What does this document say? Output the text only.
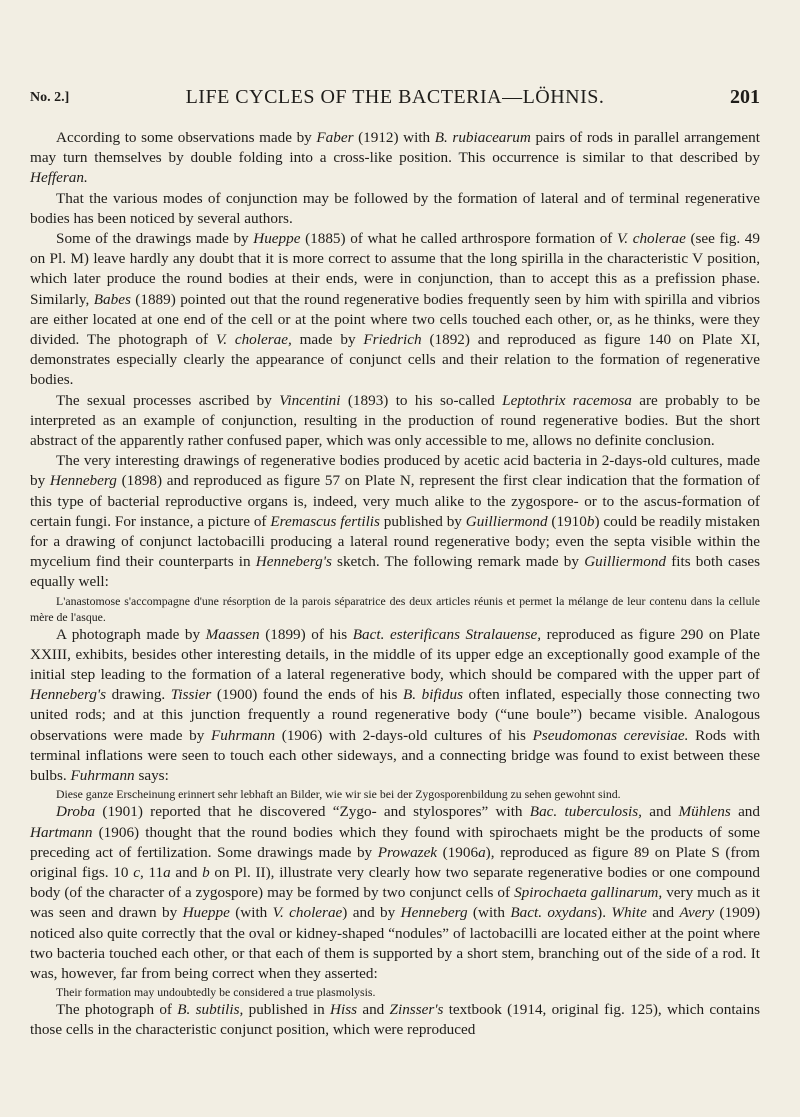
No. 2.]	LIFE CYCLES OF THE BACTERIA—LÖHNIS.	201

According to some observations made by Faber (1912) with B. rubiacearum pairs of rods in parallel arrangement may turn themselves by double folding into a cross-like position. This occurrence is similar to that described by Hefferan.

That the various modes of conjunction may be followed by the formation of lateral and of terminal regenerative bodies has been noticed by several authors.

Some of the drawings made by Hueppe (1885) of what he called arthrospore formation of V. cholerae (see fig. 49 on Pl. M) leave hardly any doubt that it is more correct to assume that the long spirilla in the characteristic V position, which later produce the round bodies at their ends, were in conjunction, than to accept this as a prefission phase. Similarly, Babes (1889) pointed out that the round regenerative bodies frequently seen by him with spirilla and vibrios are either located at one end of the cell or at the point where two cells touched each other, or, as he thinks, were they divided. The photograph of V. cholerae, made by Friedrich (1892) and reproduced as figure 140 on Plate XI, demonstrates especially clearly the appearance of conjunct cells and their relation to the formation of regenerative bodies.

The sexual processes ascribed by Vincentini (1893) to his so-called Leptothrix racemosa are probably to be interpreted as an example of conjunction, resulting in the production of round regenerative bodies. But the short abstract of the apparently rather confused paper, which was only accessible to me, allows no definite conclusion.

The very interesting drawings of regenerative bodies produced by acetic acid bacteria in 2-days-old cultures, made by Henneberg (1898) and reproduced as figure 57 on Plate N, represent the first clear indication that the formation of this type of bacterial reproductive organs is, indeed, very much alike to the zygospore- or to the ascus-formation of certain fungi. For instance, a picture of Eremascus fertilis published by Guilliermond (1910b) could be readily mistaken for a drawing of conjunct lactobacilli producing a lateral round regenerative body; even the septa visible within the mycelium find their counterparts in Henneberg's sketch. The following remark made by Guilliermond fits both cases equally well:

L'anastomose s'accompagne d'une résorption de la parois séparatrice des deux articles réunis et permet la mélange de leur contenu dans la cellule mère de l'asque.

A photograph made by Maassen (1899) of his Bact. esterificans Stralauense, reproduced as figure 290 on Plate XXIII, exhibits, besides other interesting details, in the middle of its upper edge an exceptionally good example of the initial step leading to the formation of a lateral regenerative body, which should be compared with the upper part of Henneberg's drawing. Tissier (1900) found the ends of his B. bifidus often inflated, especially those connecting two united rods; and at this junction frequently a round regenerative body (“une boule”) became visible. Analogous observations were made by Fuhrmann (1906) with 2-days-old cultures of his Pseudomonas cerevisiae. Rods with terminal inflations were seen to touch each other sideways, and a connecting bridge was found to exist between these bulbs. Fuhrmann says:

Diese ganze Erscheinung erinnert sehr lebhaft an Bilder, wie wir sie bei der Zygosporenbildung zu sehen gewohnt sind.

Droba (1901) reported that he discovered “Zygo- and stylospores” with Bac. tuberculosis, and Mühlens and Hartmann (1906) thought that the round bodies which they found with spirochaets might be the products of some preceding act of fertilization. Some drawings made by Prowazek (1906a), reproduced as figure 89 on Plate S (from original figs. 10 c, 11a and b on Pl. II), illustrate very clearly how two separate regenerative bodies or one compound body (of the character of a zygospore) may be formed by two conjunct cells of Spirochaeta gallinarum, very much as it was seen and drawn by Hueppe (with V. cholerae) and by Henneberg (with Bact. oxydans). White and Avery (1909) noticed also quite correctly that the oval or kidney-shaped “nodules” of lactobacilli are located either at the point where two bacteria touched each other, or that each of them is supported by a short stem, branching out of the side of a rod. It was, however, far from being correct when they asserted:

Their formation may undoubtedly be considered a true plasmolysis.

The photograph of B. subtilis, published in Hiss and Zinsser's textbook (1914, original fig. 125), which contains those cells in the characteristic conjunct position, which were reproduced
